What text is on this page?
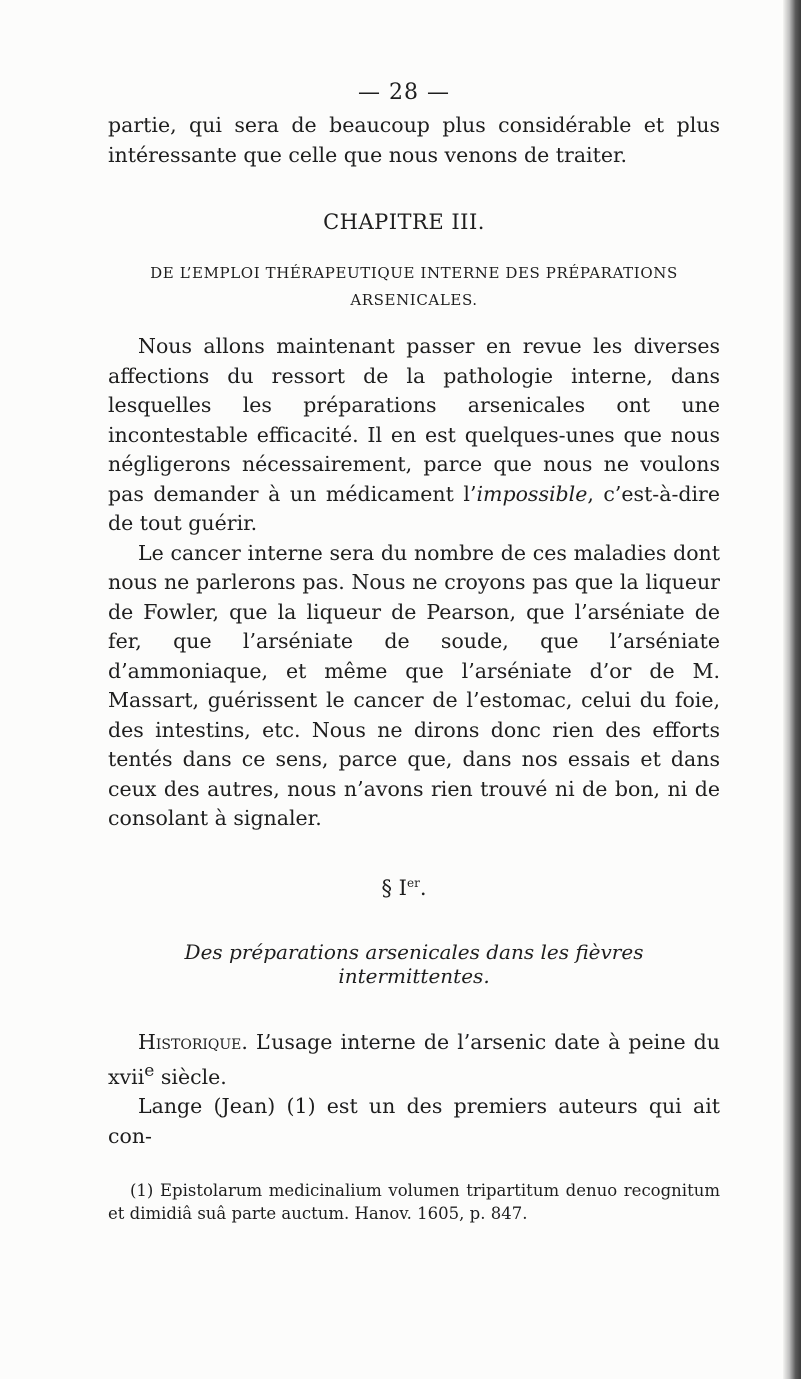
— 28 —

partie, qui sera de beaucoup plus considérable et plus intéressante que celle que nous venons de traiter.

CHAPITRE III.
DE L’EMPLOI THÉRAPEUTIQUE INTERNE DES PRÉPARATIONS ARSENICALES.

Nous allons maintenant passer en revue les diverses affections du ressort de la pathologie interne, dans lesquelles les préparations arsenicales ont une incontestable efficacité. Il en est quelques-unes que nous négligerons nécessairement, parce que nous ne voulons pas demander à un médicament l’impossible, c’est-à-dire de tout guérir.

Le cancer interne sera du nombre de ces maladies dont nous ne parlerons pas. Nous ne croyons pas que la liqueur de Fowler, que la liqueur de Pearson, que l’arséniate de fer, que l’arséniate de soude, que l’arséniate d’ammoniaque, et même que l’arséniate d’or de M. Massart, guérissent le cancer de l’estomac, celui du foie, des intestins, etc. Nous ne dirons donc rien des efforts tentés dans ce sens, parce que, dans nos essais et dans ceux des autres, nous n’avons rien trouvé ni de bon, ni de consolant à signaler.

§ Ier.
Des préparations arsenicales dans les fièvres intermittentes.

Historique. L’usage interne de l’arsenic date à peine du xvii$^e$ siècle.

Lange (Jean) (1) est un des premiers auteurs qui ait con-

(1) Epistolarum medicinalium volumen tripartitum denuo recognitum et dimidiâ suâ parte auctum. Hanov. 1605, p. 847.
